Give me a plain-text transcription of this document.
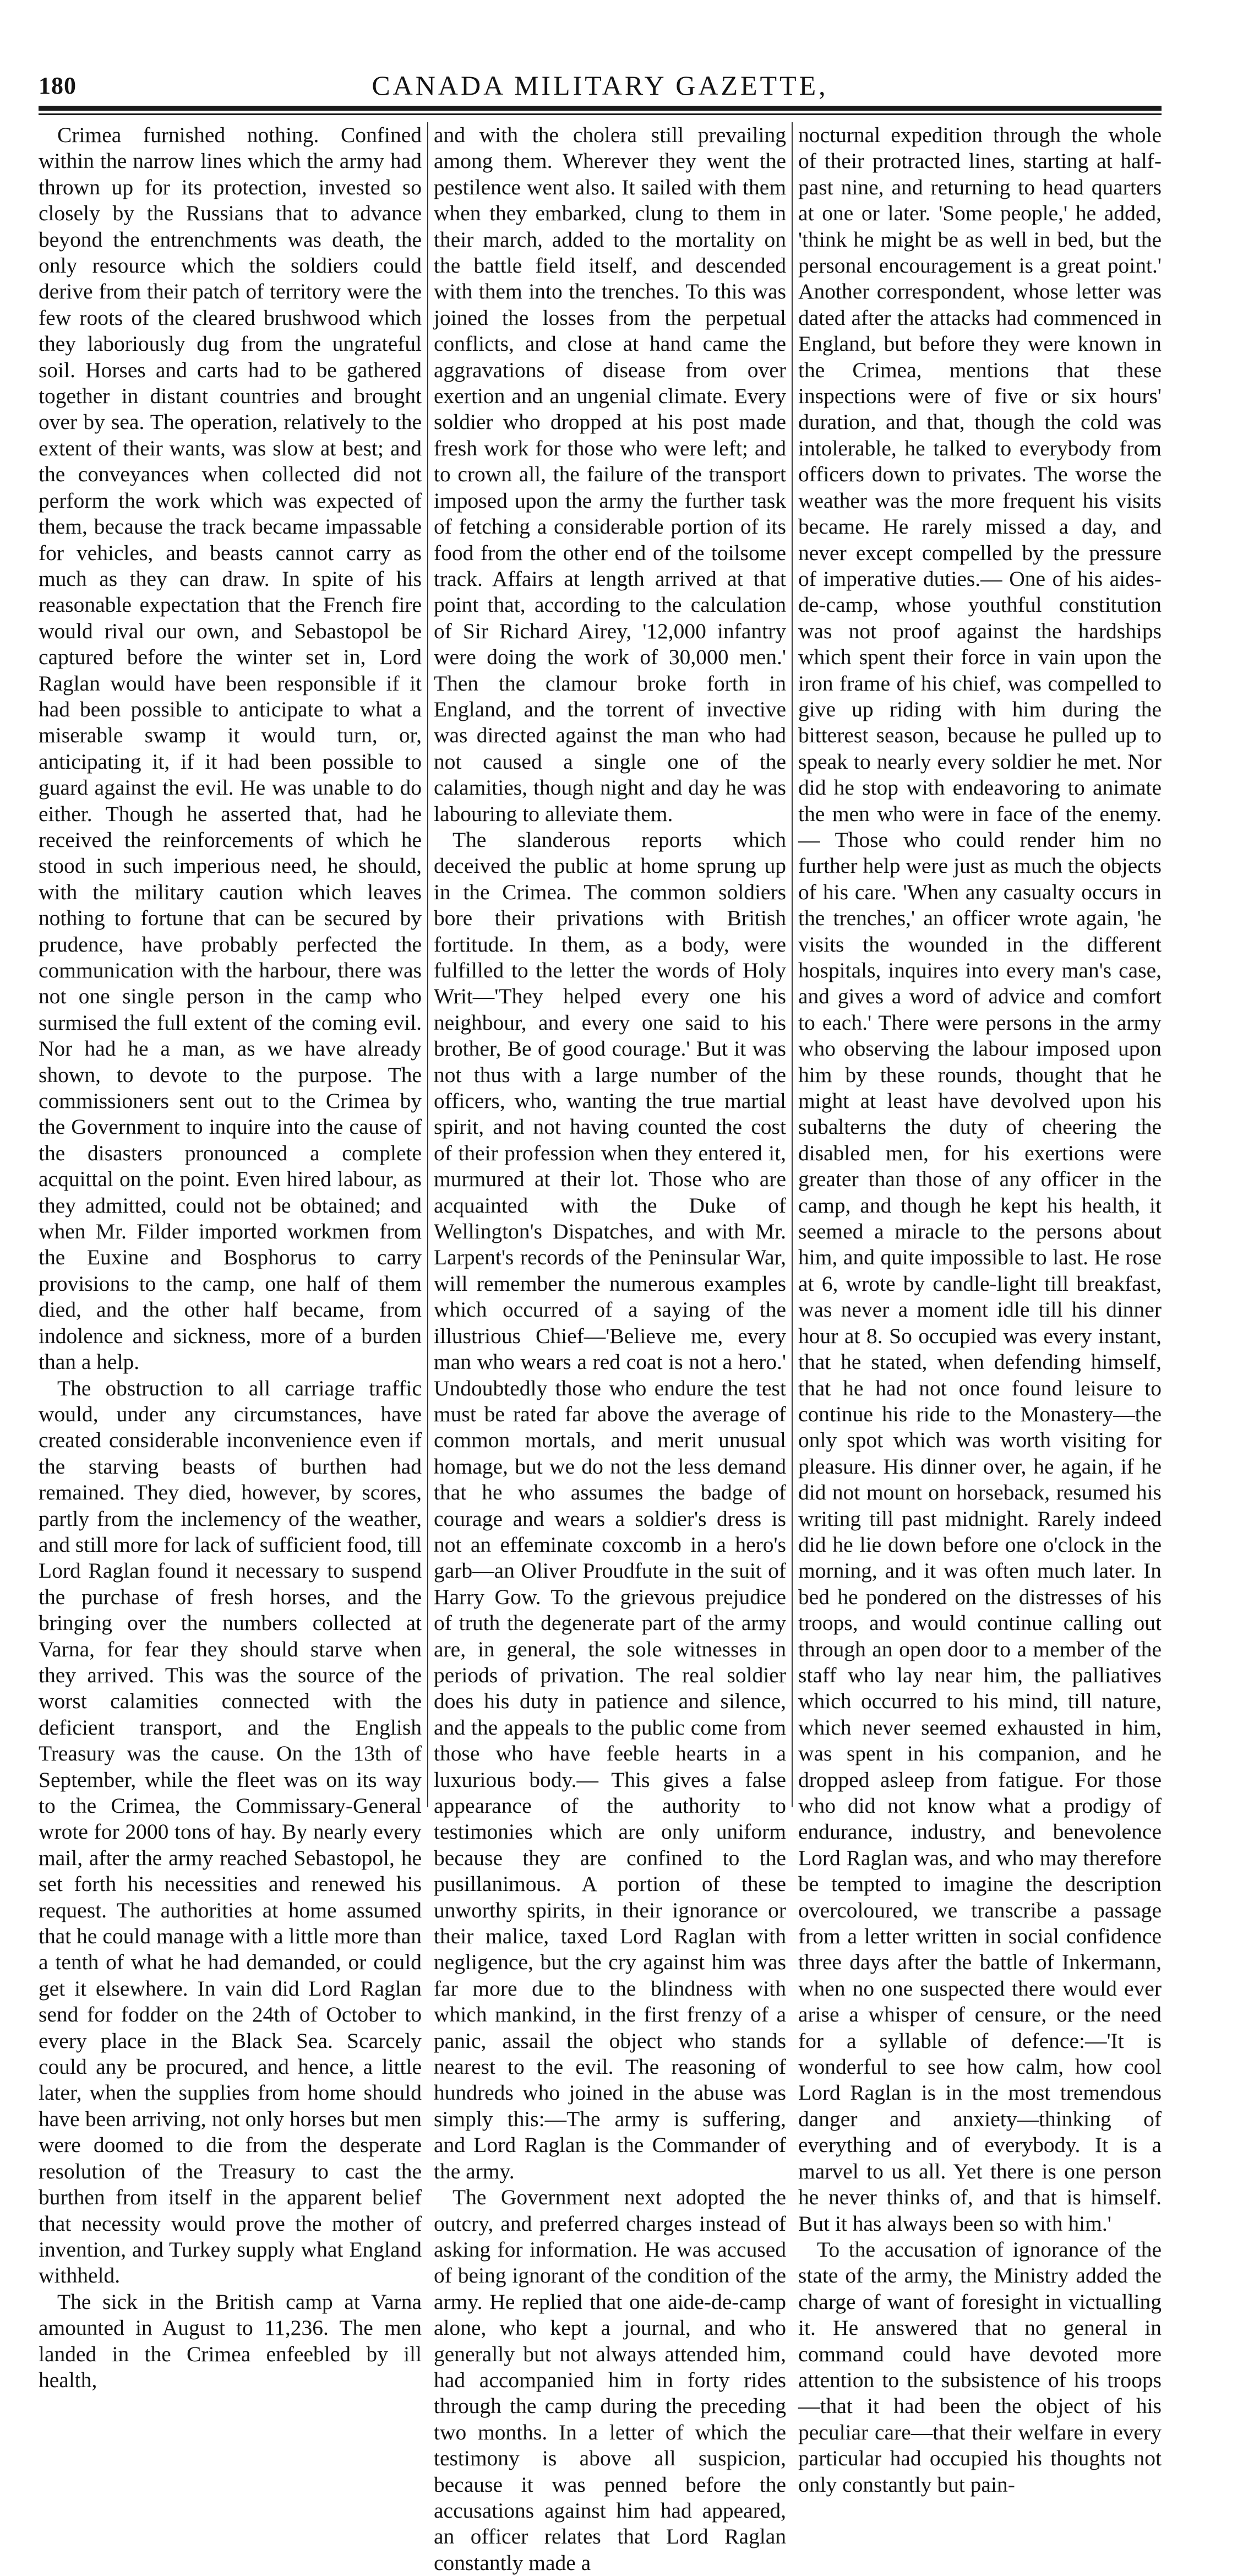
180	CANADA MILITARY GAZETTE,

Crimea furnished nothing. Confined within the narrow lines which the army had thrown up for its protection, invested so closely by the Russians that to advance beyond the entrenchments was death, the only resource which the soldiers could derive from their patch of territory were the few roots of the cleared brushwood which they laboriously dug from the ungrateful soil. Horses and carts had to be gathered together in distant countries and brought over by sea. The operation, relatively to the extent of their wants, was slow at best; and the conveyances when collected did not perform the work which was expected of them, because the track became impassable for vehicles, and beasts cannot carry as much as they can draw. In spite of his reasonable expectation that the French fire would rival our own, and Sebastopol be captured before the winter set in, Lord Raglan would have been responsible if it had been possible to anticipate to what a miserable swamp it would turn, or, anticipating it, if it had been possible to guard against the evil. He was unable to do either. Though he asserted that, had he received the reinforcements of which he stood in such imperious need, he should, with the military caution which leaves nothing to fortune that can be secured by prudence, have probably perfected the communication with the harbour, there was not one single person in the camp who surmised the full extent of the coming evil. Nor had he a man, as we have already shown, to devote to the purpose. The commissioners sent out to the Crimea by the Government to inquire into the cause of the disasters pronounced a complete acquittal on the point. Even hired labour, as they admitted, could not be obtained; and when Mr. Filder imported workmen from the Euxine and Bosphorus to carry provisions to the camp, one half of them died, and the other half became, from indolence and sickness, more of a burden than a help.

The obstruction to all carriage traffic would, under any circumstances, have created considerable inconvenience even if the starving beasts of burthen had remained. They died, however, by scores, partly from the inclemency of the weather, and still more for lack of sufficient food, till Lord Raglan found it necessary to suspend the purchase of fresh horses, and the bringing over the numbers collected at Varna, for fear they should starve when they arrived. This was the source of the worst calamities connected with the deficient transport, and the English Treasury was the cause. On the 13th of September, while the fleet was on its way to the Crimea, the Commissary-General wrote for 2000 tons of hay. By nearly every mail, after the army reached Sebastopol, he set forth his necessities and renewed his request. The authorities at home assumed that he could manage with a little more than a tenth of what he had demanded, or could get it elsewhere. In vain did Lord Raglan send for fodder on the 24th of October to every place in the Black Sea. Scarcely could any be procured, and hence, a little later, when the supplies from home should have been arriving, not only horses but men were doomed to die from the desperate resolution of the Treasury to cast the burthen from itself in the apparent belief that necessity would prove the mother of invention, and Turkey supply what England withheld.

The sick in the British camp at Varna amounted in August to 11,236. The men landed in the Crimea enfeebled by ill health,

and with the cholera still prevailing among them. Wherever they went the pestilence went also. It sailed with them when they embarked, clung to them in their march, added to the mortality on the battle field itself, and descended with them into the trenches. To this was joined the losses from the perpetual conflicts, and close at hand came the aggravations of disease from over exertion and an ungenial climate. Every soldier who dropped at his post made fresh work for those who were left; and to crown all, the failure of the transport imposed upon the army the further task of fetching a considerable portion of its food from the other end of the toilsome track. Affairs at length arrived at that point that, according to the calculation of Sir Richard Airey, '12,000 infantry were doing the work of 30,000 men.' Then the clamour broke forth in England, and the torrent of invective was directed against the man who had not caused a single one of the calamities, though night and day he was labouring to alleviate them.

The slanderous reports which deceived the public at home sprung up in the Crimea. The common soldiers bore their privations with British fortitude. In them, as a body, were fulfilled to the letter the words of Holy Writ—'They helped every one his neighbour, and every one said to his brother, Be of good courage.' But it was not thus with a large number of the officers, who, wanting the true martial spirit, and not having counted the cost of their profession when they entered it, murmured at their lot. Those who are acquainted with the Duke of Wellington's Dispatches, and with Mr. Larpent's records of the Peninsular War, will remember the numerous examples which occurred of a saying of the illustrious Chief—'Believe me, every man who wears a red coat is not a hero.' Undoubtedly those who endure the test must be rated far above the average of common mortals, and merit unusual homage, but we do not the less demand that he who assumes the badge of courage and wears a soldier's dress is not an effeminate coxcomb in a hero's garb—an Oliver Proudfute in the suit of Harry Gow. To the grievous prejudice of truth the degenerate part of the army are, in general, the sole witnesses in periods of privation. The real soldier does his duty in patience and silence, and the appeals to the public come from those who have feeble hearts in a luxurious body.— This gives a false appearance of the authority to testimonies which are only uniform because they are confined to the pusillanimous. A portion of these unworthy spirits, in their ignorance or their malice, taxed Lord Raglan with negligence, but the cry against him was far more due to the blindness with which mankind, in the first frenzy of a panic, assail the object who stands nearest to the evil. The reasoning of hundreds who joined in the abuse was simply this:—The army is suffering, and Lord Raglan is the Commander of the army.

The Government next adopted the outcry, and preferred charges instead of asking for information. He was accused of being ignorant of the condition of the army. He replied that one aide-de-camp alone, who kept a journal, and who generally but not always attended him, had accompanied him in forty rides through the camp during the preceding two months. In a letter of which the testimony is above all suspicion, because it was penned before the accusations against him had appeared, an officer relates that Lord Raglan constantly made a

nocturnal expedition through the whole of their protracted lines, starting at half-past nine, and returning to head quarters at one or later. 'Some people,' he added, 'think he might be as well in bed, but the personal encouragement is a great point.' Another correspondent, whose letter was dated after the attacks had commenced in England, but before they were known in the Crimea, mentions that these inspections were of five or six hours' duration, and that, though the cold was intolerable, he talked to everybody from officers down to privates. The worse the weather was the more frequent his visits became. He rarely missed a day, and never except compelled by the pressure of imperative duties.— One of his aides-de-camp, whose youthful constitution was not proof against the hardships which spent their force in vain upon the iron frame of his chief, was compelled to give up riding with him during the bitterest season, because he pulled up to speak to nearly every soldier he met. Nor did he stop with endeavoring to animate the men who were in face of the enemy.— Those who could render him no further help were just as much the objects of his care. 'When any casualty occurs in the trenches,' an officer wrote again, 'he visits the wounded in the different hospitals, inquires into every man's case, and gives a word of advice and comfort to each.' There were persons in the army who observing the labour imposed upon him by these rounds, thought that he might at least have devolved upon his subalterns the duty of cheering the disabled men, for his exertions were greater than those of any officer in the camp, and though he kept his health, it seemed a miracle to the persons about him, and quite impossible to last. He rose at 6, wrote by candle-light till breakfast, was never a moment idle till his dinner hour at 8. So occupied was every instant, that he stated, when defending himself, that he had not once found leisure to continue his ride to the Monastery—the only spot which was worth visiting for pleasure. His dinner over, he again, if he did not mount on horseback, resumed his writing till past midnight. Rarely indeed did he lie down before one o'clock in the morning, and it was often much later. In bed he pondered on the distresses of his troops, and would continue calling out through an open door to a member of the staff who lay near him, the palliatives which occurred to his mind, till nature, which never seemed exhausted in him, was spent in his companion, and he dropped asleep from fatigue. For those who did not know what a prodigy of endurance, industry, and benevolence Lord Raglan was, and who may therefore be tempted to imagine the description overcoloured, we transcribe a passage from a letter written in social confidence three days after the battle of Inkermann, when no one suspected there would ever arise a whisper of censure, or the need for a syllable of defence:—'It is wonderful to see how calm, how cool Lord Raglan is in the most tremendous danger and anxiety—thinking of everything and of everybody. It is a marvel to us all. Yet there is one person he never thinks of, and that is himself. But it has always been so with him.'

To the accusation of ignorance of the state of the army, the Ministry added the charge of want of foresight in victualling it. He answered that no general in command could have devoted more attention to the subsistence of his troops—that it had been the object of his peculiar care—that their welfare in every particular had occupied his thoughts not only constantly but pain-
